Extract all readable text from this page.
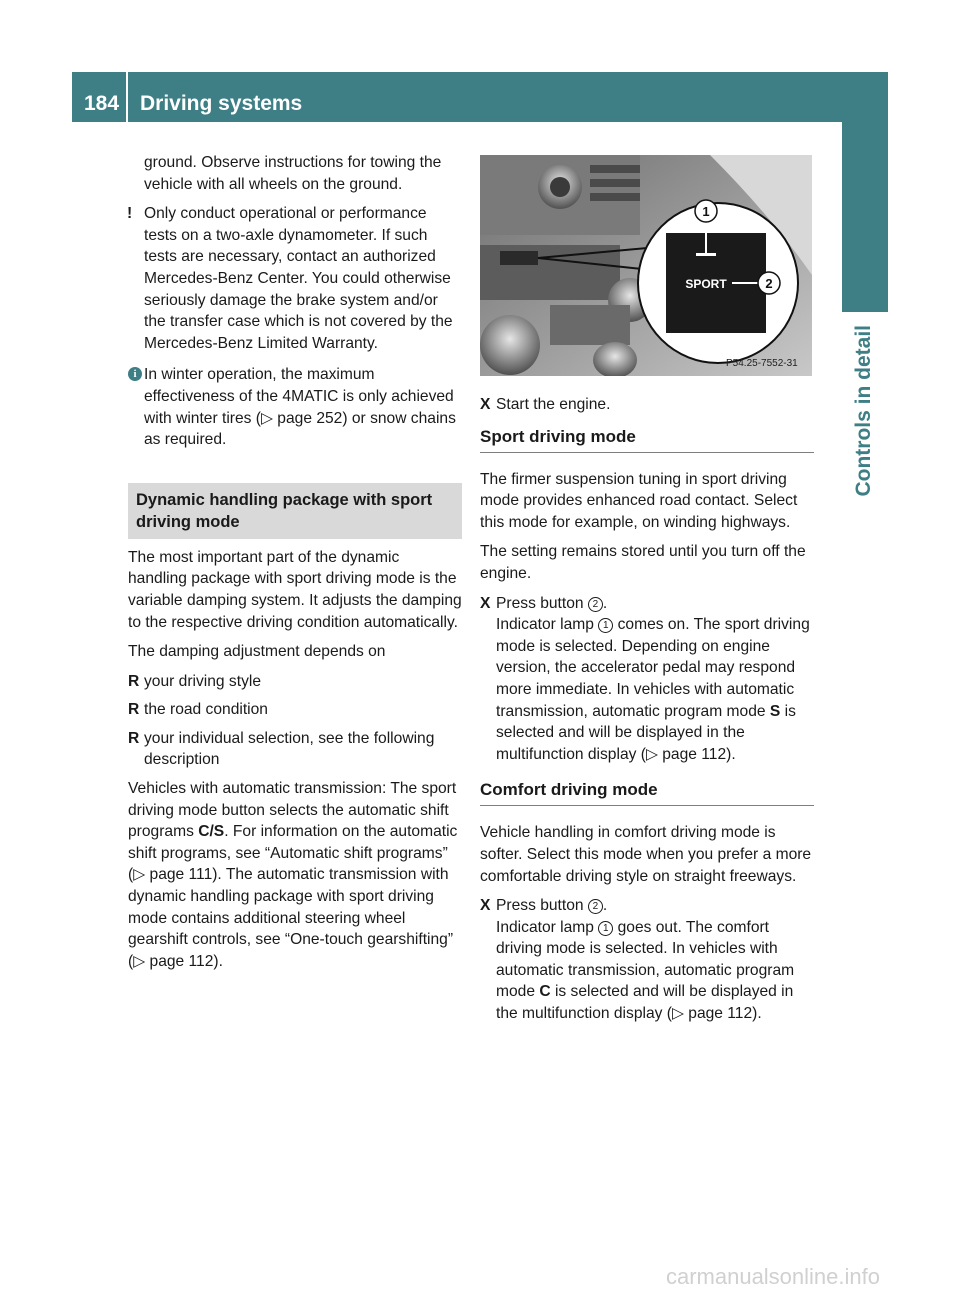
184 Driving systems
Controls in detail

ground. Observe instructions for towing the vehicle with all wheels on the ground.

! Only conduct operational or performance tests on a two-axle dynamometer. If such tests are necessary, contact an authorized Mercedes-Benz Center. You could otherwise seriously damage the brake system and/or the transfer case which is not covered by the Mercedes-Benz Limited Warranty.
i In winter operation, the maximum effectiveness of the 4MATIC is only achieved with winter tires (▷ page 252) or snow chains as required.
Dynamic handling package with sport driving mode

The most important part of the dynamic handling package with sport driving mode is the variable damping system. It adjusts the damping to the respective driving condition automatically.

The damping adjustment depends on

R your driving style
R the road condition
R your individual selection, see the following description

Vehicles with automatic transmission: The sport driving mode button selects the automatic shift programs C/S. For information on the automatic shift programs, see “Automatic shift programs” (▷ page 111). The automatic transmission with dynamic handling package with sport driving mode contains additional steering wheel gearshift controls, see “One-touch gearshifting” (▷ page 112).

1
SPORT	2
P54.25-7552-31
X Start the engine.
Sport driving mode

The firmer suspension tuning in sport driving mode provides enhanced road contact. Select this mode for example, on winding highways.

The setting remains stored until you turn off the engine.

X Press button 2 .
Indicator lamp 1 comes on. The sport driving mode is selected. Depending on engine version, the accelerator pedal may respond more immediate. In vehicles with automatic transmission, automatic program mode S is selected and will be displayed in the multifunction display (▷ page 112).
Comfort driving mode

Vehicle handling in comfort driving mode is softer. Select this mode when you prefer a more comfortable driving style on straight freeways.

X Press button 2 .
Indicator lamp 1 goes out. The comfort driving mode is selected. In vehicles with automatic transmission, automatic program mode C is selected and will be displayed in the multifunction display (▷ page 112).
carmanualsonline.info
